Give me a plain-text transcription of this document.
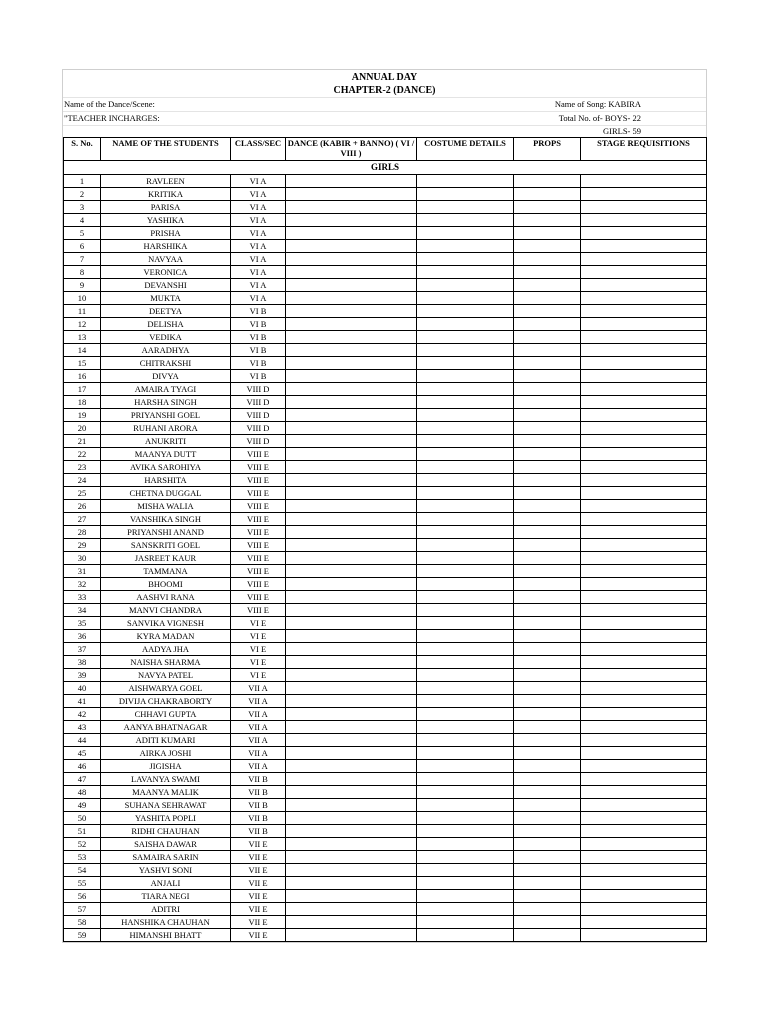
ANNUAL DAY
CHAPTER-2 (DANCE)
Name of the Dance/Scene:	Name of Song: KABIRA
"TEACHER INCHARGES:	Total No. of- BOYS- 22
GIRLS- 59
S. No.	NAME OF THE STUDENTS	CLASS/SEC	DANCE (KABIR + BANNO) ( VI / VIII )	COSTUME DETAILS	PROPS	STAGE REQUISITIONS
GIRLS						
1	RAVLEEN	VI A				
2	KRITIKA	VI A				
3	PARISA	VI A				
4	YASHIKA	VI A				
5	PRISHA	VI A				
6	HARSHIKA	VI A				
7	NAVYAA	VI A				
8	VERONICA	VI A				
9	DEVANSHI	VI A				
10	MUKTA	VI A				
11	DEETYA	VI B				
12	DELISHA	VI B				
13	VEDIKA	VI B				
14	AARADHYA	VI B				
15	CHITRAKSHI	VI B				
16	DIVYA	VI B				
17	AMAIRA TYAGI	VIII D				
18	HARSHA SINGH	VIII D				
19	PRIYANSHI GOEL	VIII D				
20	RUHANI ARORA	VIII D				
21	ANUKRITI	VIII D				
22	MAANYA DUTT	VIII E				
23	AVIKA SAROHIYA	VIII E				
24	HARSHITA	VIII E				
25	CHETNA DUGGAL	VIII E				
26	MISHA WALIA	VIII E				
27	VANSHIKA SINGH	VIII E				
28	PRIYANSHI ANAND	VIII E				
29	SANSKRITI GOEL	VIII E				
30	JASREET KAUR	VIII E				
31	TAMMANA	VIII E				
32	BHOOMI	VIII E				
33	AASHVI RANA	VIII E				
34	MANVI CHANDRA	VIII E				
35	SANVIKA VIGNESH	VI E				
36	KYRA MADAN	VI E				
37	AADYA JHA	VI E				
38	NAISHA SHARMA	VI E				
39	NAVYA PATEL	VI E				
40	AISHWARYA GOEL	VII A				
41	DIVIJA CHAKRABORTY	VII A				
42	CHHAVI GUPTA	VII A				
43	AANYA BHATNAGAR	VII A				
44	ADITI KUMARI	VII A				
45	AIRKA JOSHI	VII A				
46	JIGISHA	VII A				
47	LAVANYA SWAMI	VII B				
48	MAANYA MALIK	VII B				
49	SUHANA SEHRAWAT	VII B				
50	YASHITA POPLI	VII B				
51	RIDHI CHAUHAN	VII B				
52	SAISHA DAWAR	VII E				
53	SAMAIRA SARIN	VII E				
54	YASHVI SONI	VII E				
55	ANJALI	VII E				
56	TIARA NEGI	VII E				
57	ADITRI	VII E				
58	HANSHIKA CHAUHAN	VII E				
59	HIMANSHI BHATT	VII E				
